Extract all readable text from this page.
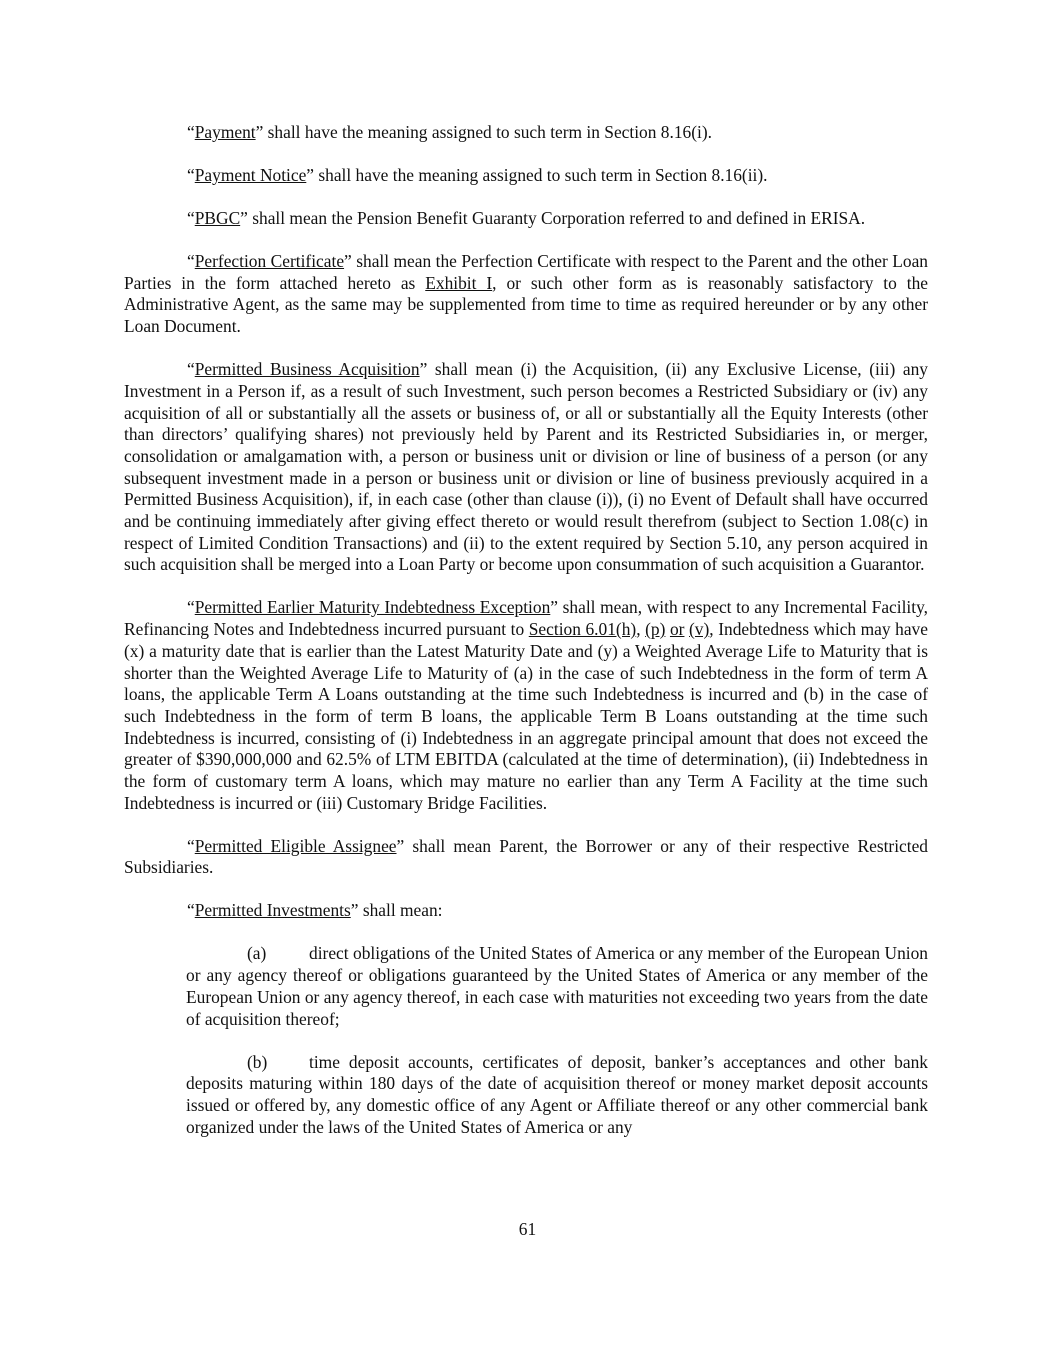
“Payment” shall have the meaning assigned to such term in Section 8.16(i).

“Payment Notice” shall have the meaning assigned to such term in Section 8.16(ii).

“PBGC” shall mean the Pension Benefit Guaranty Corporation referred to and defined in ERISA.

“Perfection Certificate” shall mean the Perfection Certificate with respect to the Parent and the other Loan Parties in the form attached hereto as Exhibit I, or such other form as is reasonably satisfactory to the Administrative Agent, as the same may be supplemented from time to time as required hereunder or by any other Loan Document.

“Permitted Business Acquisition” shall mean (i) the Acquisition, (ii) any Exclusive License, (iii) any Investment in a Person if, as a result of such Investment, such person becomes a Restricted Subsidiary or (iv) any acquisition of all or substantially all the assets or business of, or all or substantially all the Equity Interests (other than directors’ qualifying shares) not previously held by Parent and its Restricted Subsidiaries in, or merger, consolidation or amalgamation with, a person or business unit or division or line of business of a person (or any subsequent investment made in a person or business unit or division or line of business previously acquired in a Permitted Business Acquisition), if, in each case (other than clause (i)), (i) no Event of Default shall have occurred and be continuing immediately after giving effect thereto or would result therefrom (subject to Section 1.08(c) in respect of Limited Condition Transactions) and (ii) to the extent required by Section 5.10, any person acquired in such acquisition shall be merged into a Loan Party or become upon consummation of such acquisition a Guarantor.

“Permitted Earlier Maturity Indebtedness Exception” shall mean, with respect to any Incremental Facility, Refinancing Notes and Indebtedness incurred pursuant to Section 6.01(h), (p) or (v), Indebtedness which may have (x) a maturity date that is earlier than the Latest Maturity Date and (y) a Weighted Average Life to Maturity that is shorter than the Weighted Average Life to Maturity of (a) in the case of such Indebtedness in the form of term A loans, the applicable Term A Loans outstanding at the time such Indebtedness is incurred and (b) in the case of such Indebtedness in the form of term B loans, the applicable Term B Loans outstanding at the time such Indebtedness is incurred, consisting of (i) Indebtedness in an aggregate principal amount that does not exceed the greater of $390,000,000 and 62.5% of LTM EBITDA (calculated at the time of determination), (ii) Indebtedness in the form of customary term A loans, which may mature no earlier than any Term A Facility at the time such Indebtedness is incurred or (iii) Customary Bridge Facilities.

“Permitted Eligible Assignee” shall mean Parent, the Borrower or any of their respective Restricted Subsidiaries.

“Permitted Investments” shall mean:

(a) direct obligations of the United States of America or any member of the European Union or any agency thereof or obligations guaranteed by the United States of America or any member of the European Union or any agency thereof, in each case with maturities not exceeding two years from the date of acquisition thereof;

(b) time deposit accounts, certificates of deposit, banker’s acceptances and other bank deposits maturing within 180 days of the date of acquisition thereof or money market deposit accounts issued or offered by, any domestic office of any Agent or Affiliate thereof or any other commercial bank organized under the laws of the United States of America or any

61
